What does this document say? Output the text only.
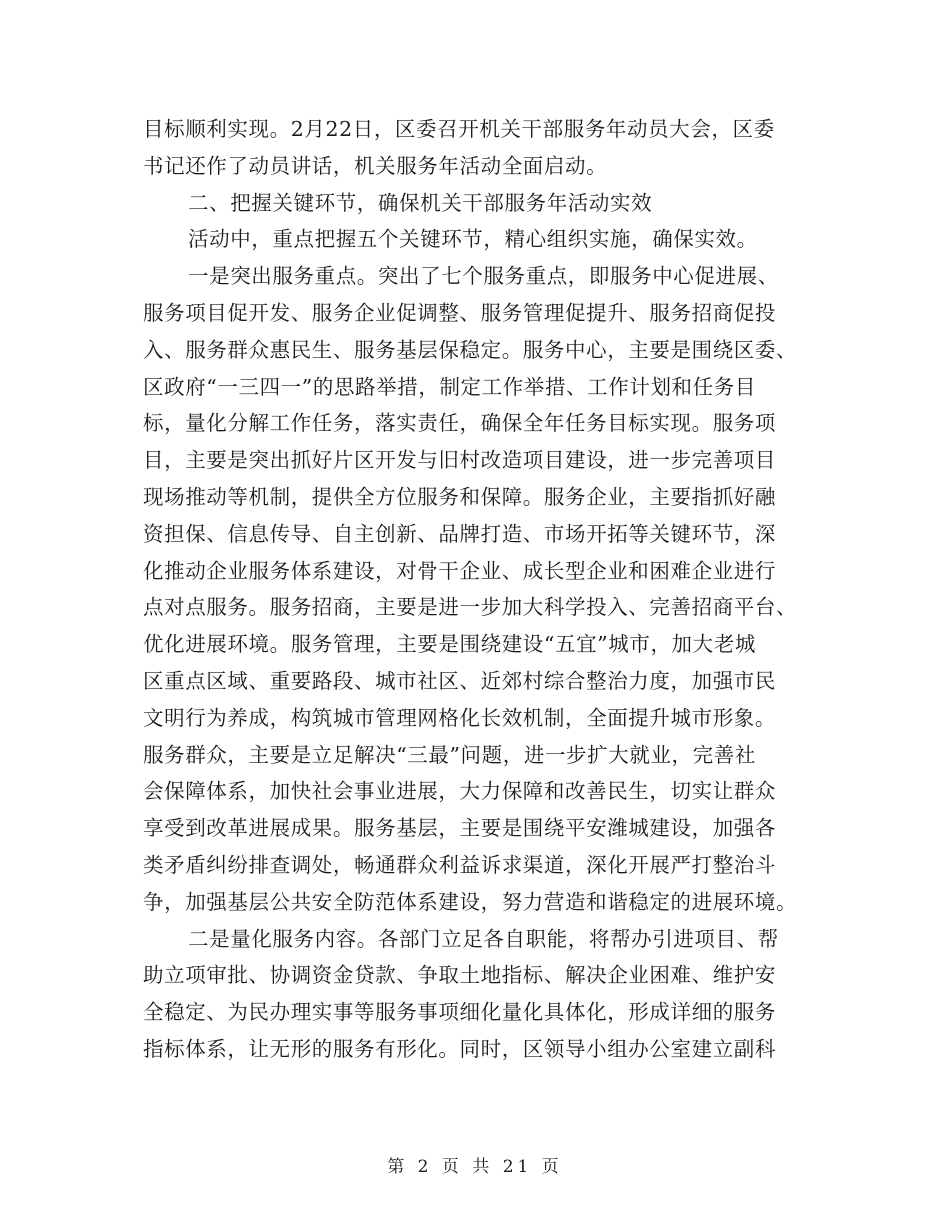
目标顺利实现。2月22日，区委召开机关干部服务年动员大会，区委
书记还作了动员讲话，机关服务年活动全面启动。
二、把握关键环节，确保机关干部服务年活动实效
活动中，重点把握五个关键环节，精心组织实施，确保实效。
一是突出服务重点。突出了七个服务重点，即服务中心促进展、
服务项目促开发、服务企业促调整、服务管理促提升、服务招商促投
入、服务群众惠民生、服务基层保稳定。服务中心，主要是围绕区委、
区政府“一三四一”的思路举措，制定工作举措、工作计划和任务目
标，量化分解工作任务，落实责任，确保全年任务目标实现。服务项
目，主要是突出抓好片区开发与旧村改造项目建设，进一步完善项目
现场推动等机制，提供全方位服务和保障。服务企业，主要指抓好融
资担保、信息传导、自主创新、品牌打造、市场开拓等关键环节，深
化推动企业服务体系建设，对骨干企业、成长型企业和困难企业进行
点对点服务。服务招商，主要是进一步加大科学投入、完善招商平台、
优化进展环境。服务管理，主要是围绕建设“五宜”城市，加大老城
区重点区域、重要路段、城市社区、近郊村综合整治力度，加强市民
文明行为养成，构筑城市管理网格化长效机制，全面提升城市形象。
服务群众，主要是立足解决“三最”问题，进一步扩大就业，完善社
会保障体系，加快社会事业进展，大力保障和改善民生，切实让群众
享受到改革进展成果。服务基层，主要是围绕平安潍城建设，加强各
类矛盾纠纷排查调处，畅通群众利益诉求渠道，深化开展严打整治斗
争，加强基层公共安全防范体系建设，努力营造和谐稳定的进展环境。
二是量化服务内容。各部门立足各自职能，将帮办引进项目、帮
助立项审批、协调资金贷款、争取土地指标、解决企业困难、维护安
全稳定、为民办理实事等服务事项细化量化具体化，形成详细的服务
指标体系，让无形的服务有形化。同时，区领导小组办公室建立副科
第 2 页 共 21 页
